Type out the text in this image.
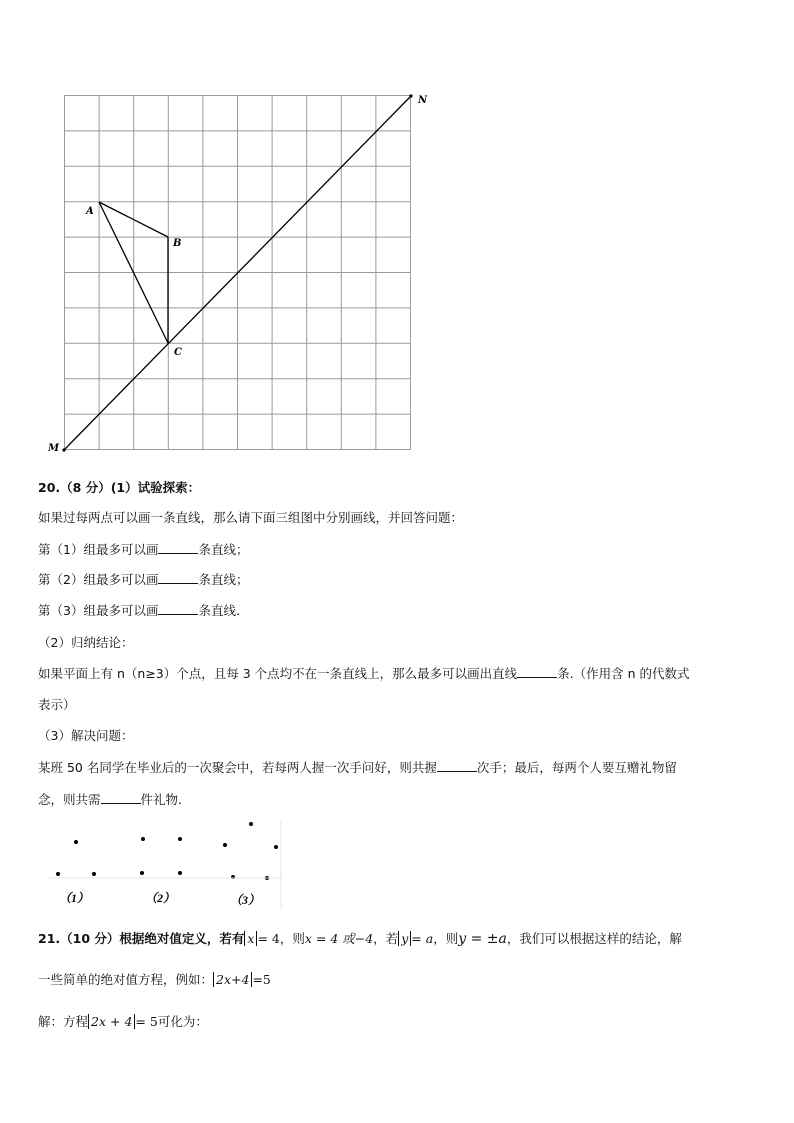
A
B
C
M
N
20.（8 分）(1）试验探索：
如果过每两点可以画一条直线，那么请下面三组图中分别画线，并回答问题：
第（1）组最多可以画	条直线；
第（2）组最多可以画	条直线；
第（3）组最多可以画	条直线.
（2）归纳结论：
如果平面上有 n（n≥3）个点，且每 3 个点均不在一条直线上，那么最多可以画出直线	条.（作用含 n 的代数式
表示）
（3）解决问题：
某班 50 名同学在毕业后的一次聚会中，若每两人握一次手问好，则共握	次手；最后，每两个人要互赠礼物留
念，则共需	件礼物.
（1）	（2）	（3）
21.（10 分）根据绝对值定义，若有 x = 4，则x = 4 或−4，若 y = a，则y = ±a，我们可以根据这样的结论，解
一些简单的绝对值方程，例如： 2x+4 =5
解：方程 2x + 4 = 5可化为：
